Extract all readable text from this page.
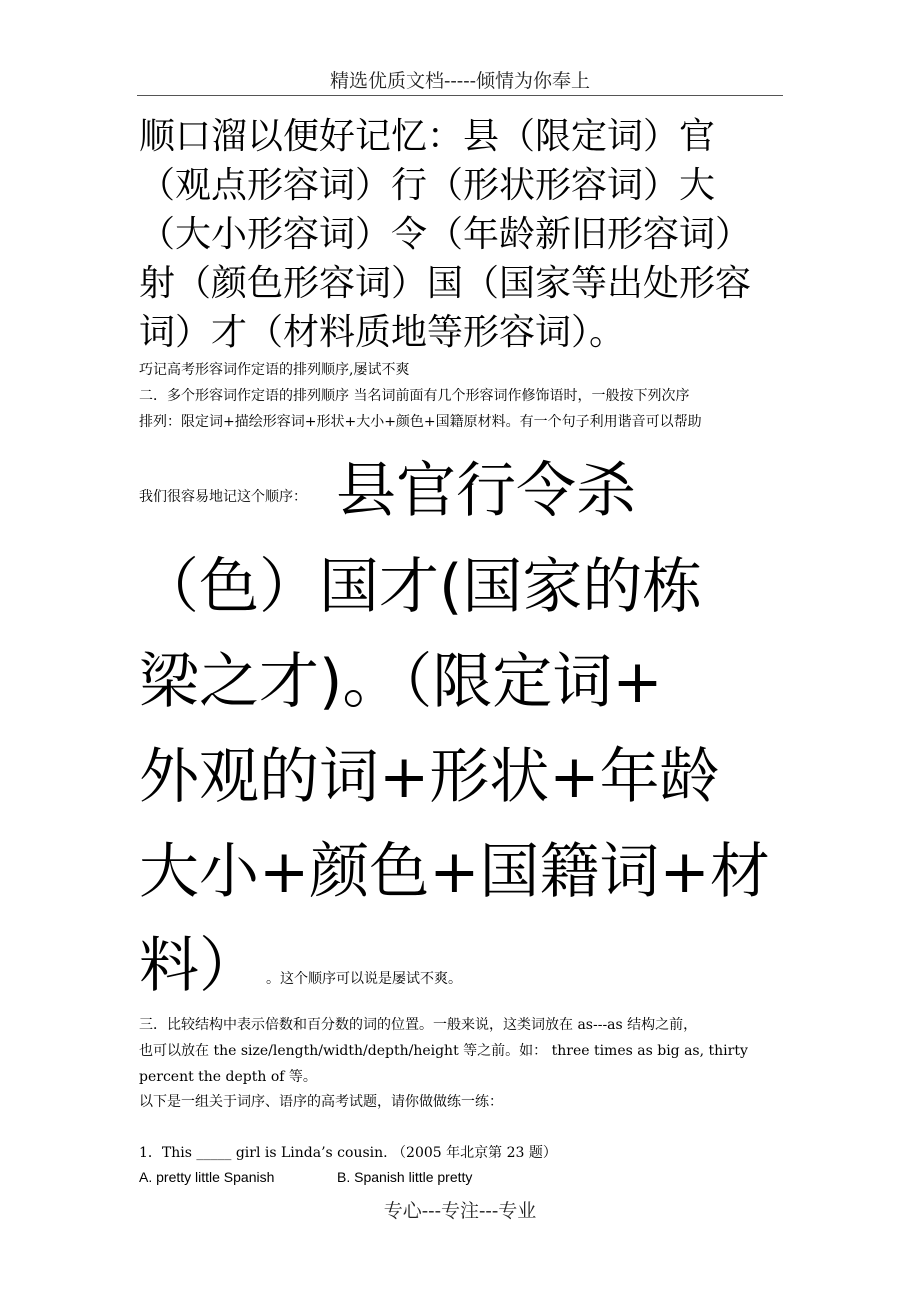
精选优质文档-----倾情为你奉上
顺口溜以便好记忆：县（限定词）官
（观点形容词）行（形状形容词）大
（大小形容词）令（年龄新旧形容词）
射（颜色形容词）国（国家等出处形容
词）才（材料质地等形容词）。
巧记高考形容词作定语的排列顺序,屡试不爽
二．多个形容词作定语的排列顺序 当名词前面有几个形容词作修饰语时，一般按下列次序
排列：限定词+描绘形容词+形状+大小+颜色+国籍原材料。有一个句子利用谐音可以帮助
我们很容易地记这个顺序： 县官行令杀
（色）国才(国家的栋
梁之才)。（限定词+
外观的词+形状+年龄
大小+颜色+国籍词+材
料） 。这个顺序可以说是屡试不爽。
三．比较结构中表示倍数和百分数的词的位置。一般来说，这类词放在 as---as 结构之前，
也可以放在 the size/length/width/depth/height 等之前。如： three times as big as, thirty
percent the depth of 等。
以下是一组关于词序、语序的高考试题，请你做做练一练：
1．This _____ girl is Linda’s cousin. （2005 年北京第 23 题）
A. pretty little Spanish	B. Spanish little pretty
专心---专注---专业
